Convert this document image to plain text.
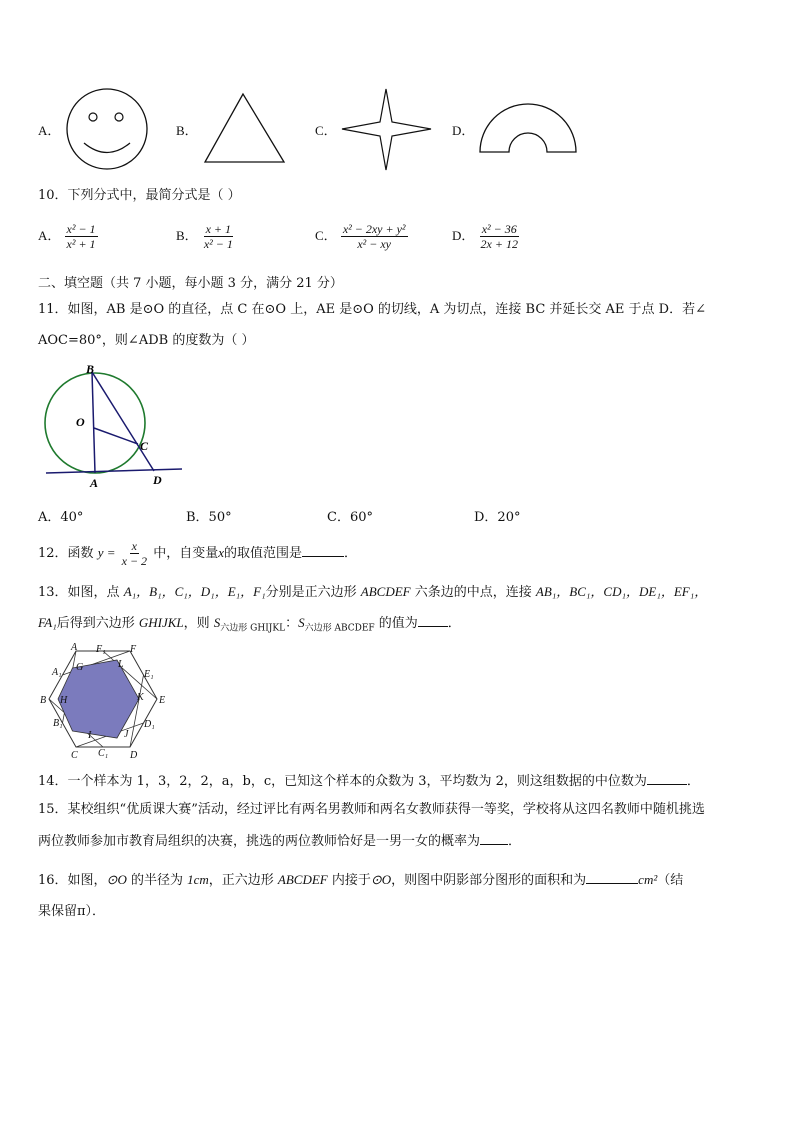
A．	B．	C．	D．
10．下列分式中，最简分式是（ ）
A． $\frac{\text{x² − 1}}{\text{x² + 1}}$	B． $\frac{x + 1}{\text{x² − 1}}$	C． $\frac{\text{x² − 2xy + y²}}{\text{x² − xy}}$	D． $\frac{\text{x² − 36}}{2x + 12}$
二、填空题（共 7 小题，每小题 3 分，满分 21 分）
11．如图，AB 是⊙O 的直径，点 C 在⊙O 上，AE 是⊙O 的切线，A 为切点，连接 BC 并延长交 AE 于点 D．若∠
AOC=80°，则∠ADB 的度数为（ ）
B
O
C
A	D
A．40°	B．50°	C．60°	D．20°
12．函数 $y = \frac{x}{x - 2}$ 中，自变量x的取值范围是	．
13．如图，点 A₁，B₁，C₁，D₁，E₁，F₁分别是正六边形 ABCDEF 六条边的中点，连接 AB₁，BC₁，CD₁，DE₁，EF₁，
FA₁后得到六边形 GHIJKL，则 $S_{六边形 GHIJKL}$：$S_{六边形 ABCDEF}$ 的值为 ．
A F₁ F
A₁ G	L
E₁
B H	K E
B₁	D₁
I	J
C C₁ D
14．一个样本为 1，3，2，2，a，b，c，已知这个样本的众数为 3，平均数为 2，则这组数据的中位数为	．
15．某校组织“优质课大赛”活动，经过评比有两名男教师和两名女教师获得一等奖，学校将从这四名教师中随机挑选
两位教师参加市教育局组织的决赛，挑选的两位教师恰好是一男一女的概率为 ．
16．如图，⊙O 的半径为 1cm，正六边形 ABCDEF 内接于⊙O，则图中阴影部分图形的面积和为	cm²（结
果保留π）．
